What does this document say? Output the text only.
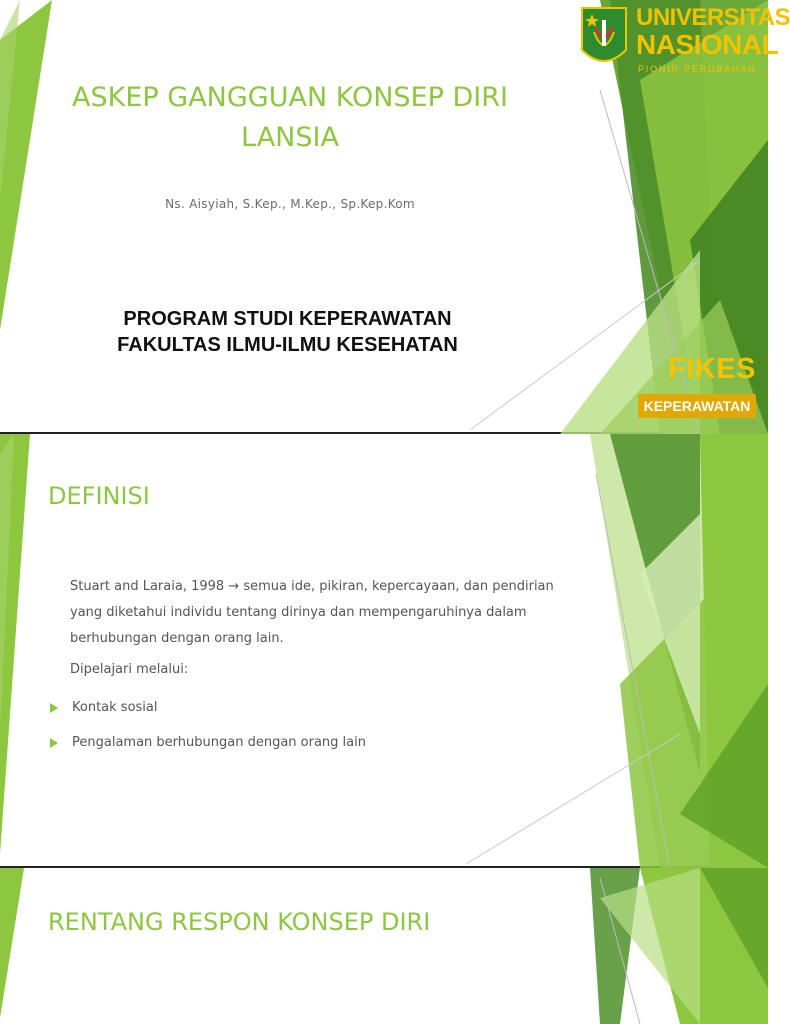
UNIVERSITAS
NASIONAL
PIONIR PERUBAHAN
ASKEP GANGGUAN KONSEP DIRI
LANSIA
Ns. Aisyiah, S.Kep., M.Kep., Sp.Kep.Kom
PROGRAM STUDI KEPERAWATAN
FAKULTAS ILMU-ILMU KESEHATAN
FIKES
KEPERAWATAN
DEFINISI
Stuart and Laraia, 1998 → semua ide, pikiran, kepercayaan, dan pendirian yang diketahui individu tentang dirinya dan mempengaruhinya dalam berhubungan dengan orang lain.
Dipelajari melalui:
Kontak sosial
Pengalaman berhubungan dengan orang lain
RENTANG RESPON KONSEP DIRI
